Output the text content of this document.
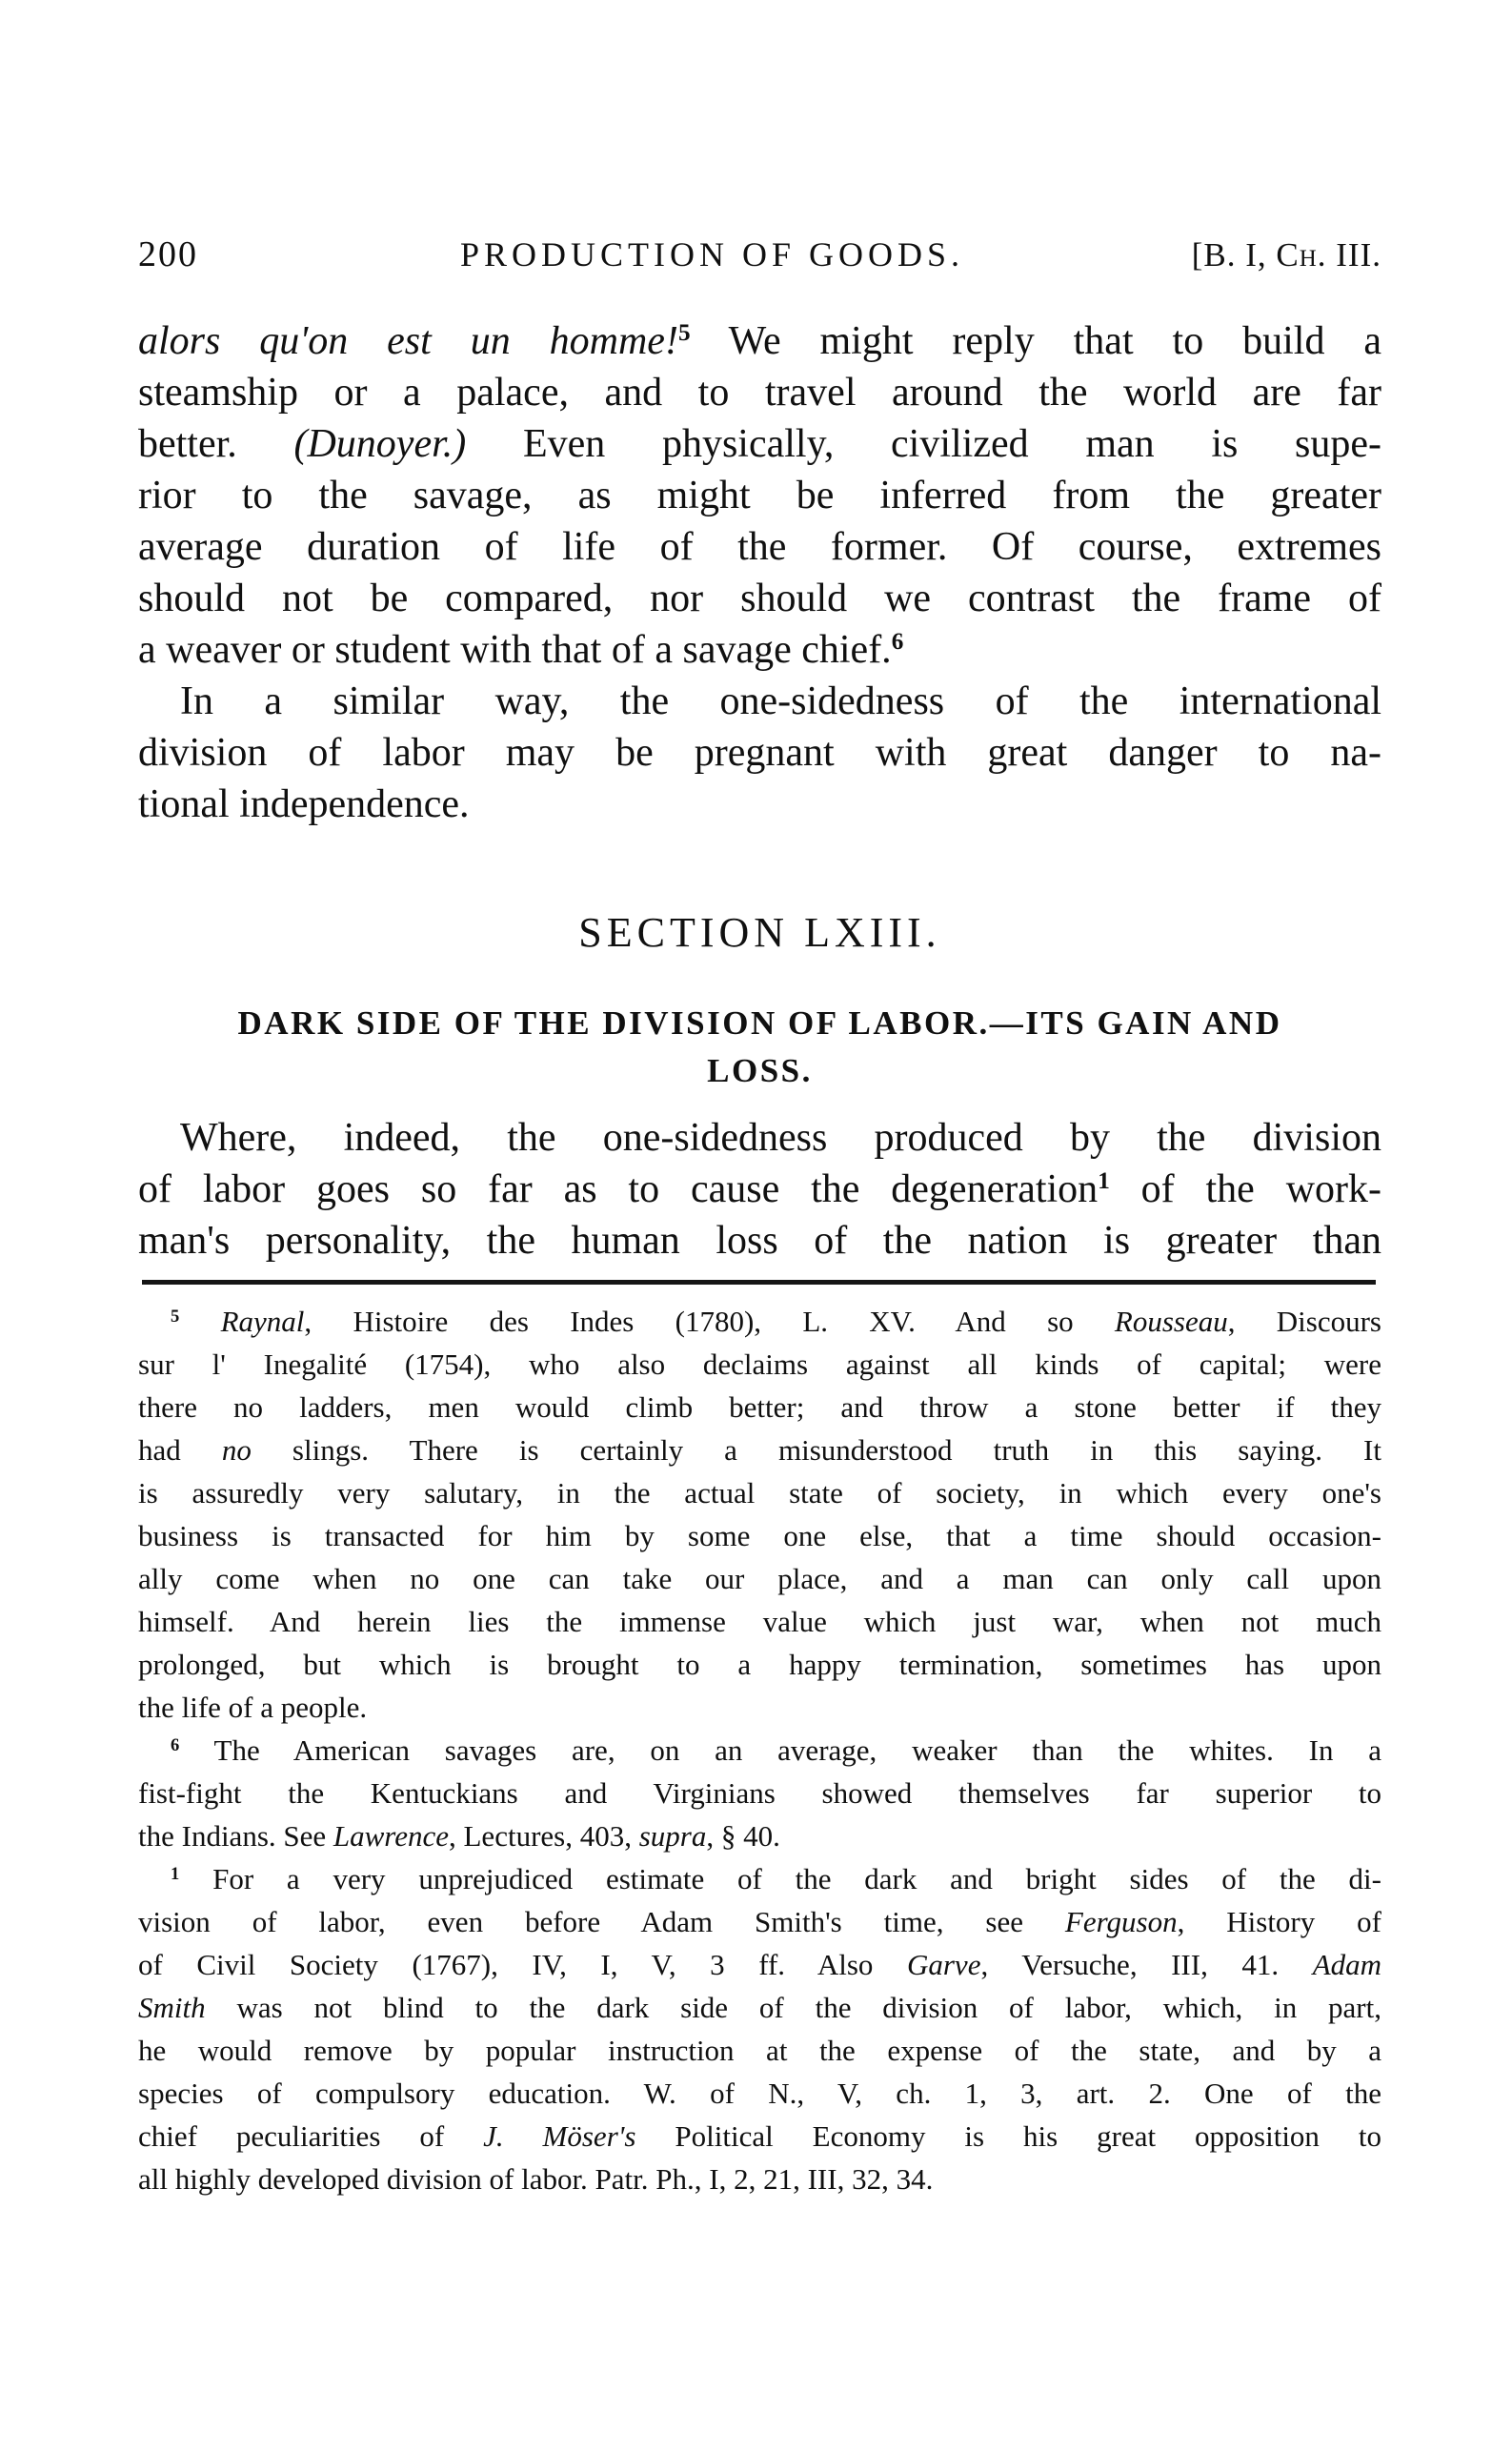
200	PRODUCTION OF GOODS.	[B. I, Ch. III.
alors qu'on est un homme!$^5$ We might reply that to build a
steamship or a palace, and to travel around the world are far
better. (Dunoyer.) Even physically, civilized man is supe-
rior to the savage, as might be inferred from the greater
average duration of life of the former. Of course, extremes
should not be compared, nor should we contrast the frame of
a weaver or student with that of a savage chief.$^6$
In a similar way, the one-sidedness of the international
division of labor may be pregnant with great danger to na-
tional independence.
SECTION LXIII.
DARK SIDE OF THE DIVISION OF LABOR.—ITS GAIN AND
LOSS.
Where, indeed, the one-sidedness produced by the division
of labor goes so far as to cause the degeneration$^1$ of the work-
man's personality, the human loss of the nation is greater than
$^5$ Raynal, Histoire des Indes (1780), L. XV. And so Rousseau, Discours
sur l' Inegalité (1754), who also declaims against all kinds of capital; were
there no ladders, men would climb better; and throw a stone better if they
had no slings. There is certainly a misunderstood truth in this saying. It
is assuredly very salutary, in the actual state of society, in which every one's
business is transacted for him by some one else, that a time should occasion-
ally come when no one can take our place, and a man can only call upon
himself. And herein lies the immense value which just war, when not much
prolonged, but which is brought to a happy termination, sometimes has upon
the life of a people.
$^6$ The American savages are, on an average, weaker than the whites. In a
fist-fight the Kentuckians and Virginians showed themselves far superior to
the Indians. See Lawrence, Lectures, 403, supra, § 40.
$^1$ For a very unprejudiced estimate of the dark and bright sides of the di-
vision of labor, even before Adam Smith's time, see Ferguson, History of
of Civil Society (1767), IV, I, V, 3 ff. Also Garve, Versuche, III, 41. Adam
Smith was not blind to the dark side of the division of labor, which, in part,
he would remove by popular instruction at the expense of the state, and by a
species of compulsory education. W. of N., V, ch. 1, 3, art. 2. One of the
chief peculiarities of J. Möser's Political Economy is his great opposition to
all highly developed division of labor. Patr. Ph., I, 2, 21, III, 32, 34.
